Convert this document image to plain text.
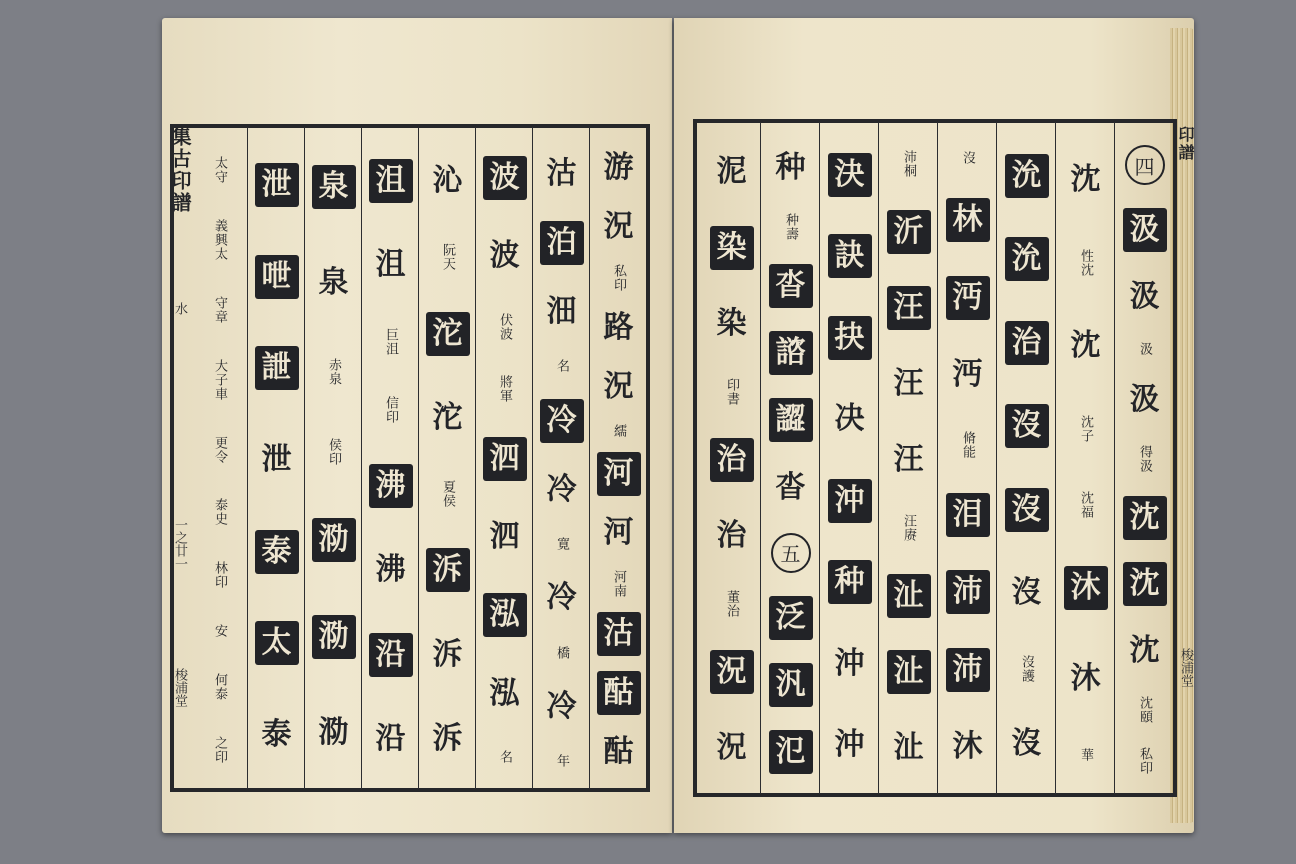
集古印譜
水
一之廿一
梭浦堂
游
況
私印
路
況
繻
河
河
河南
沽
酤
酤
沽
泊
沺
名
冷
冷
寛
冷
橋
冷
年
波
波
伏波
將軍
泗
泗
泓
泓
名
沁
阮天
沱
沱
夏侯
泝
泝
泝
沮
沮
巨沮
信印
沸
沸
沿
沿
泉
泉
赤泉
侯印
泐
泐
泐
泄
呭
詍
泄
泰
太
泰
太守
義興太
守章
大子車
更令
泰史
林印
安
何泰
之印
四
汲
汲
汲
汲
得汲
沈
沈
沈
沈頤
私印
沈
性沈
沈
沈子
沈福
沐
沐
華
沇
沇
治
沒
沒
沒
沒護
沒
沒
林
沔
沔
脩能
泪
沛
沛
沐
沛桐
沂
汪
汪
汪
汪赓
沚
沚
沚
決
訣
抉
决
沖
种
沖
沖
种
种壽
沓
諮
譅
沓
五
泛
汎
氾
泥
染
染
印書
治
治
董治
況
況
印譜
梭浦堂
